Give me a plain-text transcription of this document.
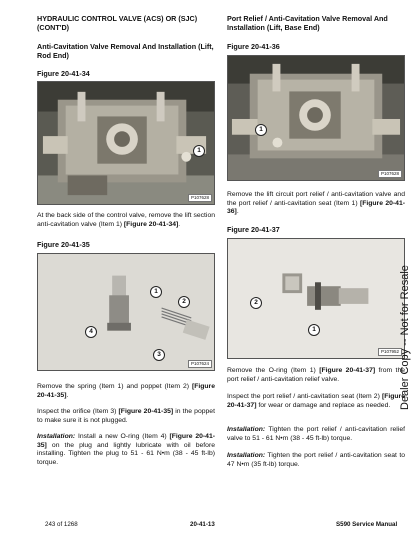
HYDRAULIC CONTROL VALVE (ACS) OR (SJC) (CONT'D)
Anti-Cavitation Valve Removal And Installation (Lift, Rod End)
Figure 20-41-34
1
P107628
At the back side of the control valve, remove the lift section anti-cavitation valve (Item 1) [Figure 20-41-34].
Figure 20-41-35
1
2
3
4
P107624
Remove the spring (Item 1) and poppet (Item 2) [Figure 20-41-35].
Inspect the orifice (Item 3) [Figure 20-41-35] in the poppet to make sure it is not plugged.
Installation: Install a new O-ring (Item 4) [Figure 20-41-35] on the plug and lightly lubricate with oil before installing. Tighten the plug to 51 - 61 N•m (38 - 45 ft-lb) torque.
Port Relief / Anti-Cavitation Valve Removal And Installation (Lift, Base End)
Figure 20-41-36
1
P107628
Remove the lift circuit port relief / anti-cavitation valve and the port relief / anti-cavitation seat (Item 1) [Figure 20-41-36].
Figure 20-41-37
2
1
P107952
Remove the O-ring (Item 1) [Figure 20-41-37] from the port relief / anti-cavitation relief valve.
Inspect the port relief / anti-cavitation seat (Item 2) [Figure 20-41-37] for wear or damage and replace as needed.
Installation: Tighten the port relief / anti-cavitation relief valve to 51 - 61 N•m (38 - 45 ft-lb) torque.
Installation: Tighten the port relief / anti-cavitation seat to 47 N•m (35 ft-lb) torque.
Dealer Copy -- Not for Resale
243 of 1268	20-41-13	S590 Service Manual
